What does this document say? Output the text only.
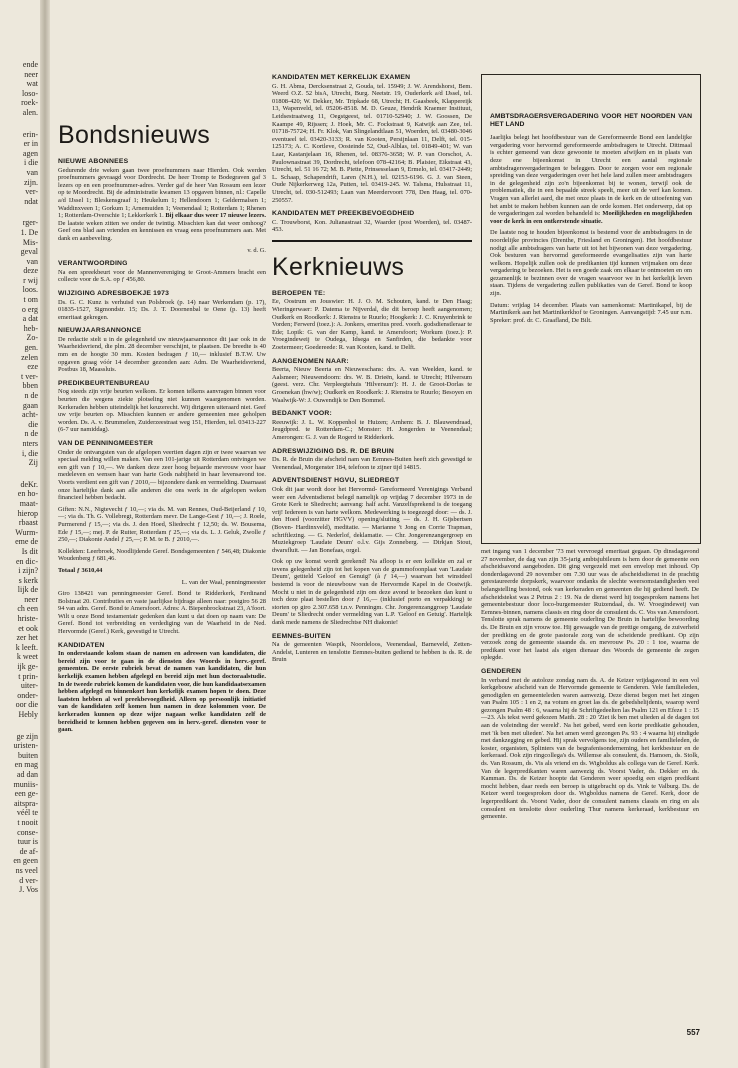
ende
neer
wat
loso-
roek-
alen.
erin-
er in
agen
i die
van
zijn.
ver-
ndat
rger-
1. De
Mis-
geval
van
deze
r wij
loos.
t om
o erg
a dat
heb-
Zo-
gen.
zelen
eze
t ver-
bben
n de
gaan
acht-
die
n de
nters
i, die
Zij
deKr.
en ho-
maat-
hierop
rbaast
Wurm-
eme de
Is dit
en dic-
i zijn?
s kerk
lijk de
neer
ch een
hriste-
et ook
zer het
k leeft.
k weet
ijk ge-
t prin-
uiter-
onder-
oor die
Hebly
ge zijn
uristen-
buiten
en mag
ad dan
muniis-
een ge-
aitspra-
véél te
t nooit
conse-
tuur is
de af-
en geen
ns veel
d ver-
J. Vos
Bondsnieuws
NIEUWE ABONNEES

Gedurende drie weken gaan twee proefnummers naar Hierden. Ook werden proefnummers gevraagd voor Dordrecht. De heer Tromp te Bodegraven gaf 3 lezers op en een proefnummer-adres. Verder gaf de heer Van Rossum een lezer op te Moordrecht. Bij de administratie kwamen 13 opgaven binnen, nl.: Capelle a/d IJssel 1; Bleskensgraaf 1; Heukelum 1; Hellendoorn 1; Geldermalsen 1; Waddinxveen 1; Gorkum 1; Arnemuiden 1; Veenendaal 1; Rotterdam 1; Rhenen 1; Rotterdam-Overschie 1; Lekkerkerk 1. Bij elkaar dus weer 17 nieuwe lezers. De laatste weken zitten we onder de twintig. Misschien kan dat weer omhoog? Geef ons blad aan vrienden en kennissen en vraag eens proefnummers aan. Met dank en aanbeveling.

v. d. G.

VERANTWOORDING

Na een spreekbeurt voor de Mannenvereniging te Groot-Ammers bracht een collecte voor de S.A. op ƒ 456,80.

WIJZIGING ADRESBOEKJE 1973

Ds. G. C. Kunz is verhuisd van Polsbroek (p. 14) naar Werkendam (p. 17), 01835-1527, Sigmondstr. 15; Ds. J. T. Doornenbal te Oene (p. 13) heeft emeritaat gekregen.

NIEUWJAARSANNONCE

De redactie stelt u in de gelegenheid uw nieuwjaarsannonce dit jaar ook in de Waarheidsvriend, die plm. 28 december verschijnt, te plaatsen. De breedte is 40 mm en de hoogte 30 mm. Kosten bedragen ƒ 10,— inklusief B.T.W. Uw opgaven graag vóór 14 december gezonden aan: Adm. De Waarheidsvriend, Postbus 18, Maassluis.

PREDIKBEURTENBUREAU

Nog steeds zijn vrije beurten welkom. Er komen telkens aanvragen binnen voor beurten die wegens ziekte plotseling niet kunnen waargenomen worden. Kerkeraden hebben uiteindelijk het keuzerecht. Wij dirigeren uiteraard niet. Geef uw vrije beurten op. Misschien kunnen er andere gemeenten mee geholpen worden. Ds. A. v. Brummelen, Zuiderzeestraat weg 151, Hierden, tel. 03413-227 (6-7 uur namiddag).

VAN DE PENNINGMEESTER

Onder de ontvangsten van de afgelopen veertien dagen zijn er twee waarvan we speciaal melding willen maken. Van een 101-jarige uit Rotterdam ontvingen we een gift van ƒ 10,—. We danken deze zeer hoog bejaarde mevrouw voor haar medeleven en wensen haar van harte Gods nabijheid in haar levensavond toe. Voorts verdient een gift van ƒ 2010,— bijzondere dank en vermelding. Daarnaast onze hartelijke dank aan alle anderen die ons werk in de afgelopen weken financieel hebben bedacht.

Giften: N.N., Nigtevecht ƒ 10,—; via ds. M. van Rennes, Oud-Beijerland ƒ 10,—; via ds. Th. G. Vollebregt, Rotterdam mevr. De Lange-Gest ƒ 10,—; J. Roele, Purmerend ƒ 15,—; via ds. J. den Hoed, Sliedrecht ƒ 12,50; ds. W. Bousema, Ede ƒ 15,—; mej. P. de Ruiter, Rotterdam ƒ 25,—; via ds. L. J. Geluk, Zwolle ƒ 250,—; Diakonie Andel ƒ 25,—; P. M. te B. ƒ 2010,—.

Kollekten: Leerbroek, Noodlijdende Geref. Bondsgemeenten ƒ 546,48; Diakonie Woudenberg ƒ 681,46.

Totaal ƒ 3610,44

L. van der Waal, penningmeester

Giro 138421 van penningmeester Geref. Bond te Ridderkerk, Ferdinand Bolstraat 20. Contributies en vaste jaarlijkse bijdrage alleen naar: postgiro 56 28 94 van adm. Geref. Bond te Amersfoort. Adres: A. Biepenbrockstraat 23, A'foort. Wilt u onze Bond testamentair gedenken dan kunt u dat doen op naam van: De Geref. Bond tot verbreiding en verdediging van de Waarheid in de Ned. Hervormde (Geref.) Kerk, gevestigd te Utrecht.

KANDIDATEN

In onderstaande kolom staan de namen en adressen van kandidaten, die bereid zijn voor te gaan in de diensten des Woords in herv.-geref. gemeenten. De eerste rubriek bevat de namen van kandidaten, die hun kerkelijk examen hebben afgelegd en bereid zijn met hun doctoraalstudie. In de tweede rubriek komen de kandidaten voor, die hun kandidaatsexamen hebben afgelegd en binnenkort hun kerkelijk examen hopen te doen. Deze laatsten hebben al wel preekbevoegdheid. Alleen op persoonlijk initiatief van de kandidaten zelf komen hun namen in deze kolommen voor. De kerkeraden kunnen op deze wijze nagaan welke kandidaten zelf de bereidheid te kennen hebben gegeven om in herv.-geref. diensten voor te gaan.

KANDIDATEN MET KERKELIJK EXAMEN

G. H. Abma, Dercksenstraat 2, Gouda, tel. 15949; J. W. Arendshorst, Bem. Weerd O.Z. 52 bisA, Utrecht, Burg. Neetstr. 19, Ouderkerk a/d IJssel, tel. 01808-420; W. Dekker, Mr. Tripkade 68, Utrecht; H. Gaasbeek, Klappereijk 13, Wapenveld, tel. 05206-8518. M. D. Geuze, Hendrik Kraemer Instituut, Leidsestraatweg 11, Oegstgeest, tel. 01710-52940; J. W. Goossen, De Kaampe 49, Rijssen; J. Hoek, Mr. C. Fockstraat 9, Katwijk aan Zee, tel. 01718-75724; H. Fr. Klok, Van Slingelandtlaan 51, Woerden, tel. 03480-3046 eventueel tel. 03420-3133; R. van Kooten, Persijnlaan 11, Delft, tel. 015-125173; A. C. Kortleve, Oosteinde 52, Oud-Alblas, tel. 01849-401; W. van Laar, Kastanjelaan 16, Rhenen, tel. 08376-3658; W. P. van Oorschot, A. Paulownastraat 39, Dordrecht, telefoon 078-42164; B. Plaisier, Eikstraat 43, Utrecht, tel. 51 16 72; M. B. Piette, Prinsesselaan 9, Ermelo, tel. 03417-2449; L. Schaap, Schapendrift, Laren (N.H.), tel. 02153-6196. G. J. van Steen, Oude Nijkerkerweg 12a, Putten, tel. 03419-245. W. Talsma, Hulsstraat 11, Utrecht, tel. 030-512493; Laan van Meerdervoort 778, Den Haag, tel. 070-250557.

KANDIDATEN MET PREEKBEVOEGDHEID

C. Trouwborst, Kon. Julianastraat 32, Waarder (post Woerden), tel. 03487-453.

Kerknieuws
BEROEPEN TE:

Ee, Oostrum en Jouswier: H. J. O. M. Schouten, kand. te Den Haag; Wieringerwaer: P. Datema te Nijverdal, die dit beroep heeft aangenomen; Oudkerk en Roodkerk: J. Rienstra te Ruurlo; Hoogkerk: J. C. Kruyenbrink te Vorden; Ferwerd (toez.): A. Jonkers, emeritus pred. voorh. godsdienstleraar te Ede; Lopik: G. van der Kamp, kand. te Amersfoort; Workum (toez.): P. Vroegindeweij te Oudega, Idsega en Sanfirden, die bedankte voor Zoetermeer; Goedereede: R. van Kooten, kand. te Delft.

AANGENOMEN NAAR:

Beerta, Nieuw Beerta en Nieuweschans: drs. A. van Weelden, kand. te Aalsmeer; Nieuwendoorn: drs. W. B. Drieën, kand. te Utrecht; Hilversum (geest. verz. Chr. Verpleegtehuis 'Hilversum'): H. J. de Groot-Dorlas te Groenekan (hw/w); Oudkerk en Roodkerk: J. Rienstra te Ruurlo; Besoyen en Waalwijk-W: J. Ouwendijk te Den Bommel.

BEDANKT VOOR:

Reeuwijk: J. L. W. Koppenhol te Huizen; Arnhem: B. J. Blauwendraad, Jeugdpred. te Rotterdam-C.; Monster: H. Jongerden te Veenendaal; Amerongen: G. J. van de Rogerd te Ridderkerk.

ADRESWIJZIGING DS. R. DE BRUIN

Ds. R. de Bruin die afscheid nam van Eemnes-Buiten heeft zich gevestigd te Veenendaal, Morgenster 184, telefoon te zijner tijd 14815.

ADVENTSDIENST HGVU, SLIEDREGT

Ook dit jaar wordt door het Hervormd- Gereformeerd Verenigings Verband weer een Adventsdienst belegd namelijk op vrijdag 7 december 1973 in de Grote Kerk te Sliedrecht; aanvang: half acht. Vanzelfsprekend is de toegang vrij! Iedereen is van harte welkom. Medewerking is toegezegd door: — ds. J. den Hoed (voorzitter HGVV) opening/sluiting — ds. J. H. Gijsbertsen (Boven- Hardinxveld), meditatie. — Marianne 't Jong en Corrie Trapman, schriftlezing. — G. Nederlof, deklamatie. — Chr. Jongerenzangergroep en Muziekgroep 'Laudate Deum' o.l.v. Gijs Zonneberg. — Dirkjan Stout, dwarsfluit. — Jan Bonefaas, orgel.

Ook op uw komst wordt gerekend! Na afloop is er een kollekte en zal er tevens gelegenheid zijn tot het kopen van de grammofoonplaat van 'Laudate Deum', getiteld 'Geloof en Genuig!' (à ƒ 14,—) waarvan het winstdeel bestemd is voor de nieuwbouw van de Hervormde Kapel in de Oostwijk. Mocht u niet in de gelegenheid zijn om deze avond te bezoeken dan kunt u toch deze plaat bestellen door ƒ 16,— (inklusief porto en verpakking) te storten op giro 2.307.658 t.n.v. Penningm. Chr. Jongerenzanggroep 'Laudate Deum' te Sliedrecht onder vermelding van L.P. 'Geloof en Getuig'. Hartelijk dank mede namens de Sliedrechtse NH diakonie!

EEMNES-BUITEN

Na de gemeenten Waspik, Noordeloos, Veenendaal, Barneveld, Zetten-Andelst, Lunteren en tenslotte Eemnes-buiten gediend te hebben is ds. R. de Bruin

AMBTSDRAGERSVERGADERING VOOR HET NOORDEN VAN HET LAND

Jaarlijks belegt het hoofdbestuur van de Gereformeerde Bond een landelijke vergadering voor hervormd gereformeerde ambtsdragers te Utrecht. Dittmaal is echter gemeend van deze gewoonte te moeten afwijken en in plaats van deze ene bijeenkomst in Utrecht een aantal regionale ambtsdragersvergaderingen te beleggen. Door te zorgen voor een regionale spreiding van deze vergaderingen over het hele land zullen meer ambtsdragers in de gelegenheid zijn zo'n bijeenkomst bij te wonen, terwijl ook de problematiek, die in een bepaalde streek speelt, meer uit de verf kan komen. Vragen van allerlei aard, die met onze plaats in de kerk en de uitoefening van het ambt te maken hebben kunnen aan de orde komen. Het onderwerp, dat op de vergaderingen zal worden behandeld is: Moeilijkheden en mogelijkheden voor de kerk in een ontkerstende situatie.

De laatste nog te houden bijeenkomst is bestemd voor de ambtsdragers in de noordelijke provincies (Drenthe, Friesland en Groningen). Het hoofdbestuur nodigt alle ambtsdragers van harte uit tot het bijwonen van deze vergadering. Ook besturen van hervormd gereformeerde evangelisaties zijn van harte welkom. Hopelijk zullen ook de predikanten tijd kunnen vrijmaken om deze vergadering te bezoeken. Het is een goede zaak om elkaar te ontmoeten en om gezamenlijk te bezinnen over de vragen waarvoor we in het kerkelijk leven staan. Tijdens de vergadering zullen publikaties van de Geref. Bond te koop zijn.

Datum: vrijdag 14 december. Plaats van samenkomst: Martinikapel, bij de Martinikerk aan het Martinikerkhof te Groningen. Aanvangstijd: 7.45 uur n.m. Spreker: prof. dr. C. Graafland, De Bilt.

met ingang van 1 december '73 met vervroegd emeritaat gegaan. Op dinsdagavond 27 november, de dag van zijn 35-jarig ambtsjubileum is hem door de gemeente een afscheidsavond aangeboden. Dit ging vergezeld met een envelop met inhoud. Op donderdagavond 29 november om 7.30 uur was de afscheidsdienst in de prachtig gerestaureerde dorpskerk, waarvoor ondanks de slechte weersomstandigheden veel belangstelling bestond, ook van kerkeraden en gemeenten die hij gediend heeft. De afscheidstekst was 2 Petrus 2 : 19. Na de dienst werd hij toegesproken namens het gemeentebestuur door loco-burgemeester Ruizendaal, ds. W. Vroegindeweij van Eemnes-binnen, namens classis en ring door de consulent ds. C. Vos van Amersfoort. Tenslotte sprak namens de gemeente ouderling De Bruin in hartelijke bewoording ds. De Bruin en zijn vrouw toe. Hij gewaagde van de prettige omgang, de zuiverheid der prediking en de grote pastorale zorg van de scheidende predikant. Op zijn verzoek zong de gemeente staande ds. en mevrouw Ps. 20 : 1 toe, waarna de predikant voor het laatst als eigen dienaar des Woords de gemeente de zegen oplegde.

GENDEREN

In verband met de autoloze zondag nam ds. A. de Keizer vrijdagavond in een vol kerkgebouw afscheid van de Hervormde gemeente te Genderen. Vele familieleden, genodigden en gemeenteleden waren aanwezig. Deze dienst begon met het zingen van Psalm 105 : 1 en 2, na votum en groet las ds. de gebedshelijdenis, waarop werd gezongen Psalm 48 : 6, waarna hij de Schriftgedeelten las Psalm 121 en Efeze 1 : 15—23. Als tekst werd gekozen Matth. 28 : 20 'Ziet ik ben met ulieden al de dagen tot aan de voleinding der wereld'. Na het gebed, werd een korte predikatie gehouden, met 'ik ben met ulieden'. Na het amen werd gezongen Ps. 93 : 4 waarna hij eindigde met dankzegging en gebed. Hij sprak vervolgens toe, zijn ouders en familieleden, de koster, organisten, Splinters van de begrafenisonderneming, het kerkbestuur en de kerkeraad. Ook zijn ringcollega's ds. Willemse als consulent, ds. Hamoen, ds. Stolk, ds. Van Rossum, ds. Vis als vriend en ds. Wigboldus als collega van de Geref. Kerk. Van de legerpredikanten waren aanwezig ds. Voorst Vader, ds. Dekker en ds. Kamman. Ds. de Keizer hoopte dat Genderen weer spoedig een eigen predikant mocht hebben, daar reeds een beroep is uitgebracht op ds. Vink te Valburg. Ds. de Keizer werd toegesproken door ds. Wigboldus namens de Geref. Kerk, door de legerpredikant ds. Voorst Vader, door de consulent namens classis en ring en als consulent en tenslotte door ouderling Thur namens kerkeraad, kerkbestuur en gemeente.

557
